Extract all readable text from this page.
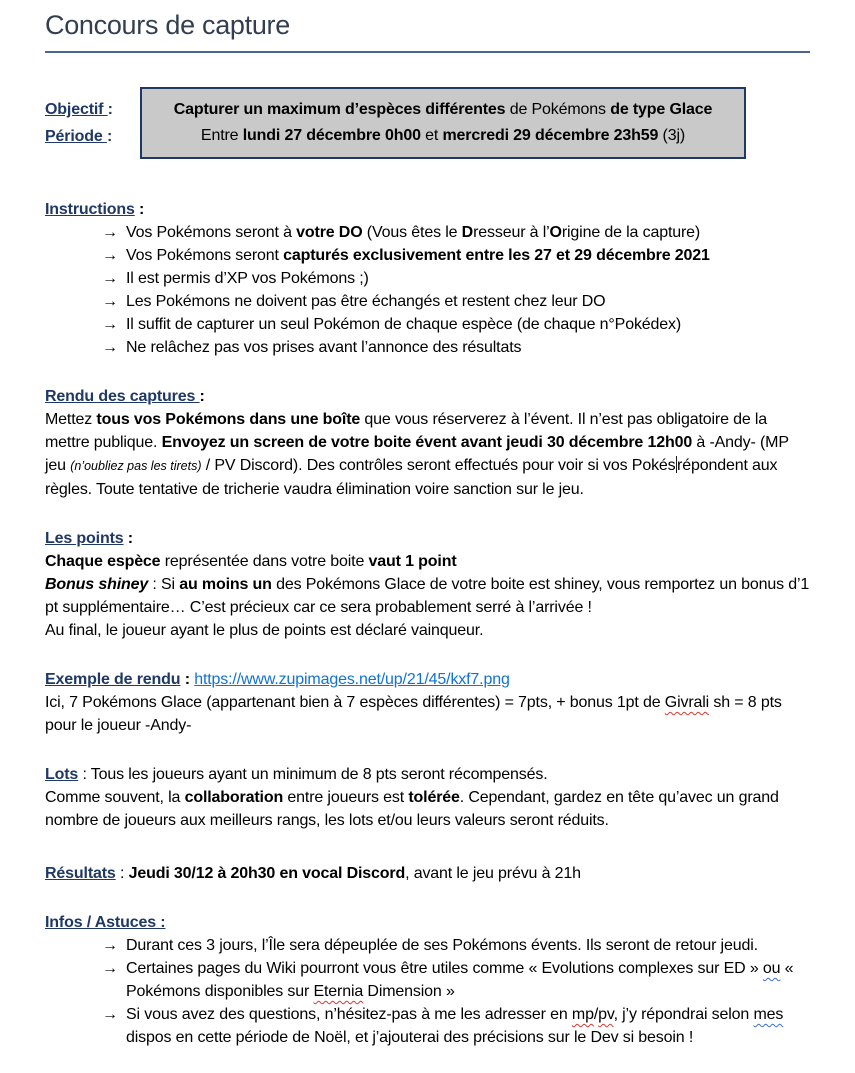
Concours de capture
Objectif :
Période :
Capturer un maximum d’espèces différentes de Pokémons de type Glace
Entre lundi 27 décembre 0h00 et mercredi 29 décembre 23h59 (3j)

Instructions :

→ Vos Pokémons seront à votre DO (Vous êtes le Dresseur à l’Origine de la capture)
→ Vos Pokémons seront capturés exclusivement entre les 27 et 29 décembre 2021
→ Il est permis d’XP vos Pokémons ;)
→ Les Pokémons ne doivent pas être échangés et restent chez leur DO
→ Il suffit de capturer un seul Pokémon de chaque espèce (de chaque n°Pokédex)
→ Ne relâchez pas vos prises avant l’annonce des résultats

Rendu des captures :

Mettez tous vos Pokémons dans une boîte que vous réserverez à l’évent. Il n’est pas obligatoire de la mettre publique. Envoyez un screen de votre boite évent avant jeudi 30 décembre 12h00 à -Andy- (MP jeu (n’oubliez pas les tirets) / PV Discord). Des contrôles seront effectués pour voir si vos Pokésrépondent aux règles. Toute tentative de tricherie vaudra élimination voire sanction sur le jeu.

Les points :

Chaque espèce représentée dans votre boite vaut 1 point

Bonus shiney : Si au moins un des Pokémons Glace de votre boite est shiney, vous remportez un bonus d’1 pt supplémentaire… C’est précieux car ce sera probablement serré à l’arrivée !

Au final, le joueur ayant le plus de points est déclaré vainqueur.

Exemple de rendu : https://www.zupimages.net/up/21/45/kxf7.png

Ici, 7 Pokémons Glace (appartenant bien à 7 espèces différentes) = 7pts, + bonus 1pt de Givrali sh = 8 pts pour le joueur -Andy-

Lots : Tous les joueurs ayant un minimum de 8 pts seront récompensés.

Comme souvent, la collaboration entre joueurs est tolérée. Cependant, gardez en tête qu’avec un grand nombre de joueurs aux meilleurs rangs, les lots et/ou leurs valeurs seront réduits.

Résultats : Jeudi 30/12 à 20h30 en vocal Discord, avant le jeu prévu à 21h

Infos / Astuces :

→ Durant ces 3 jours, l’Île sera dépeuplée de ses Pokémons évents. Ils seront de retour jeudi.
→ Certaines pages du Wiki pourront vous être utiles comme « Evolutions complexes sur ED » ou « Pokémons disponibles sur Eternia Dimension »
→ Si vous avez des questions, n’hésitez-pas à me les adresser en mp/pv, j’y répondrai selon mes dispos en cette période de Noël, et j’ajouterai des précisions sur le Dev si besoin !
